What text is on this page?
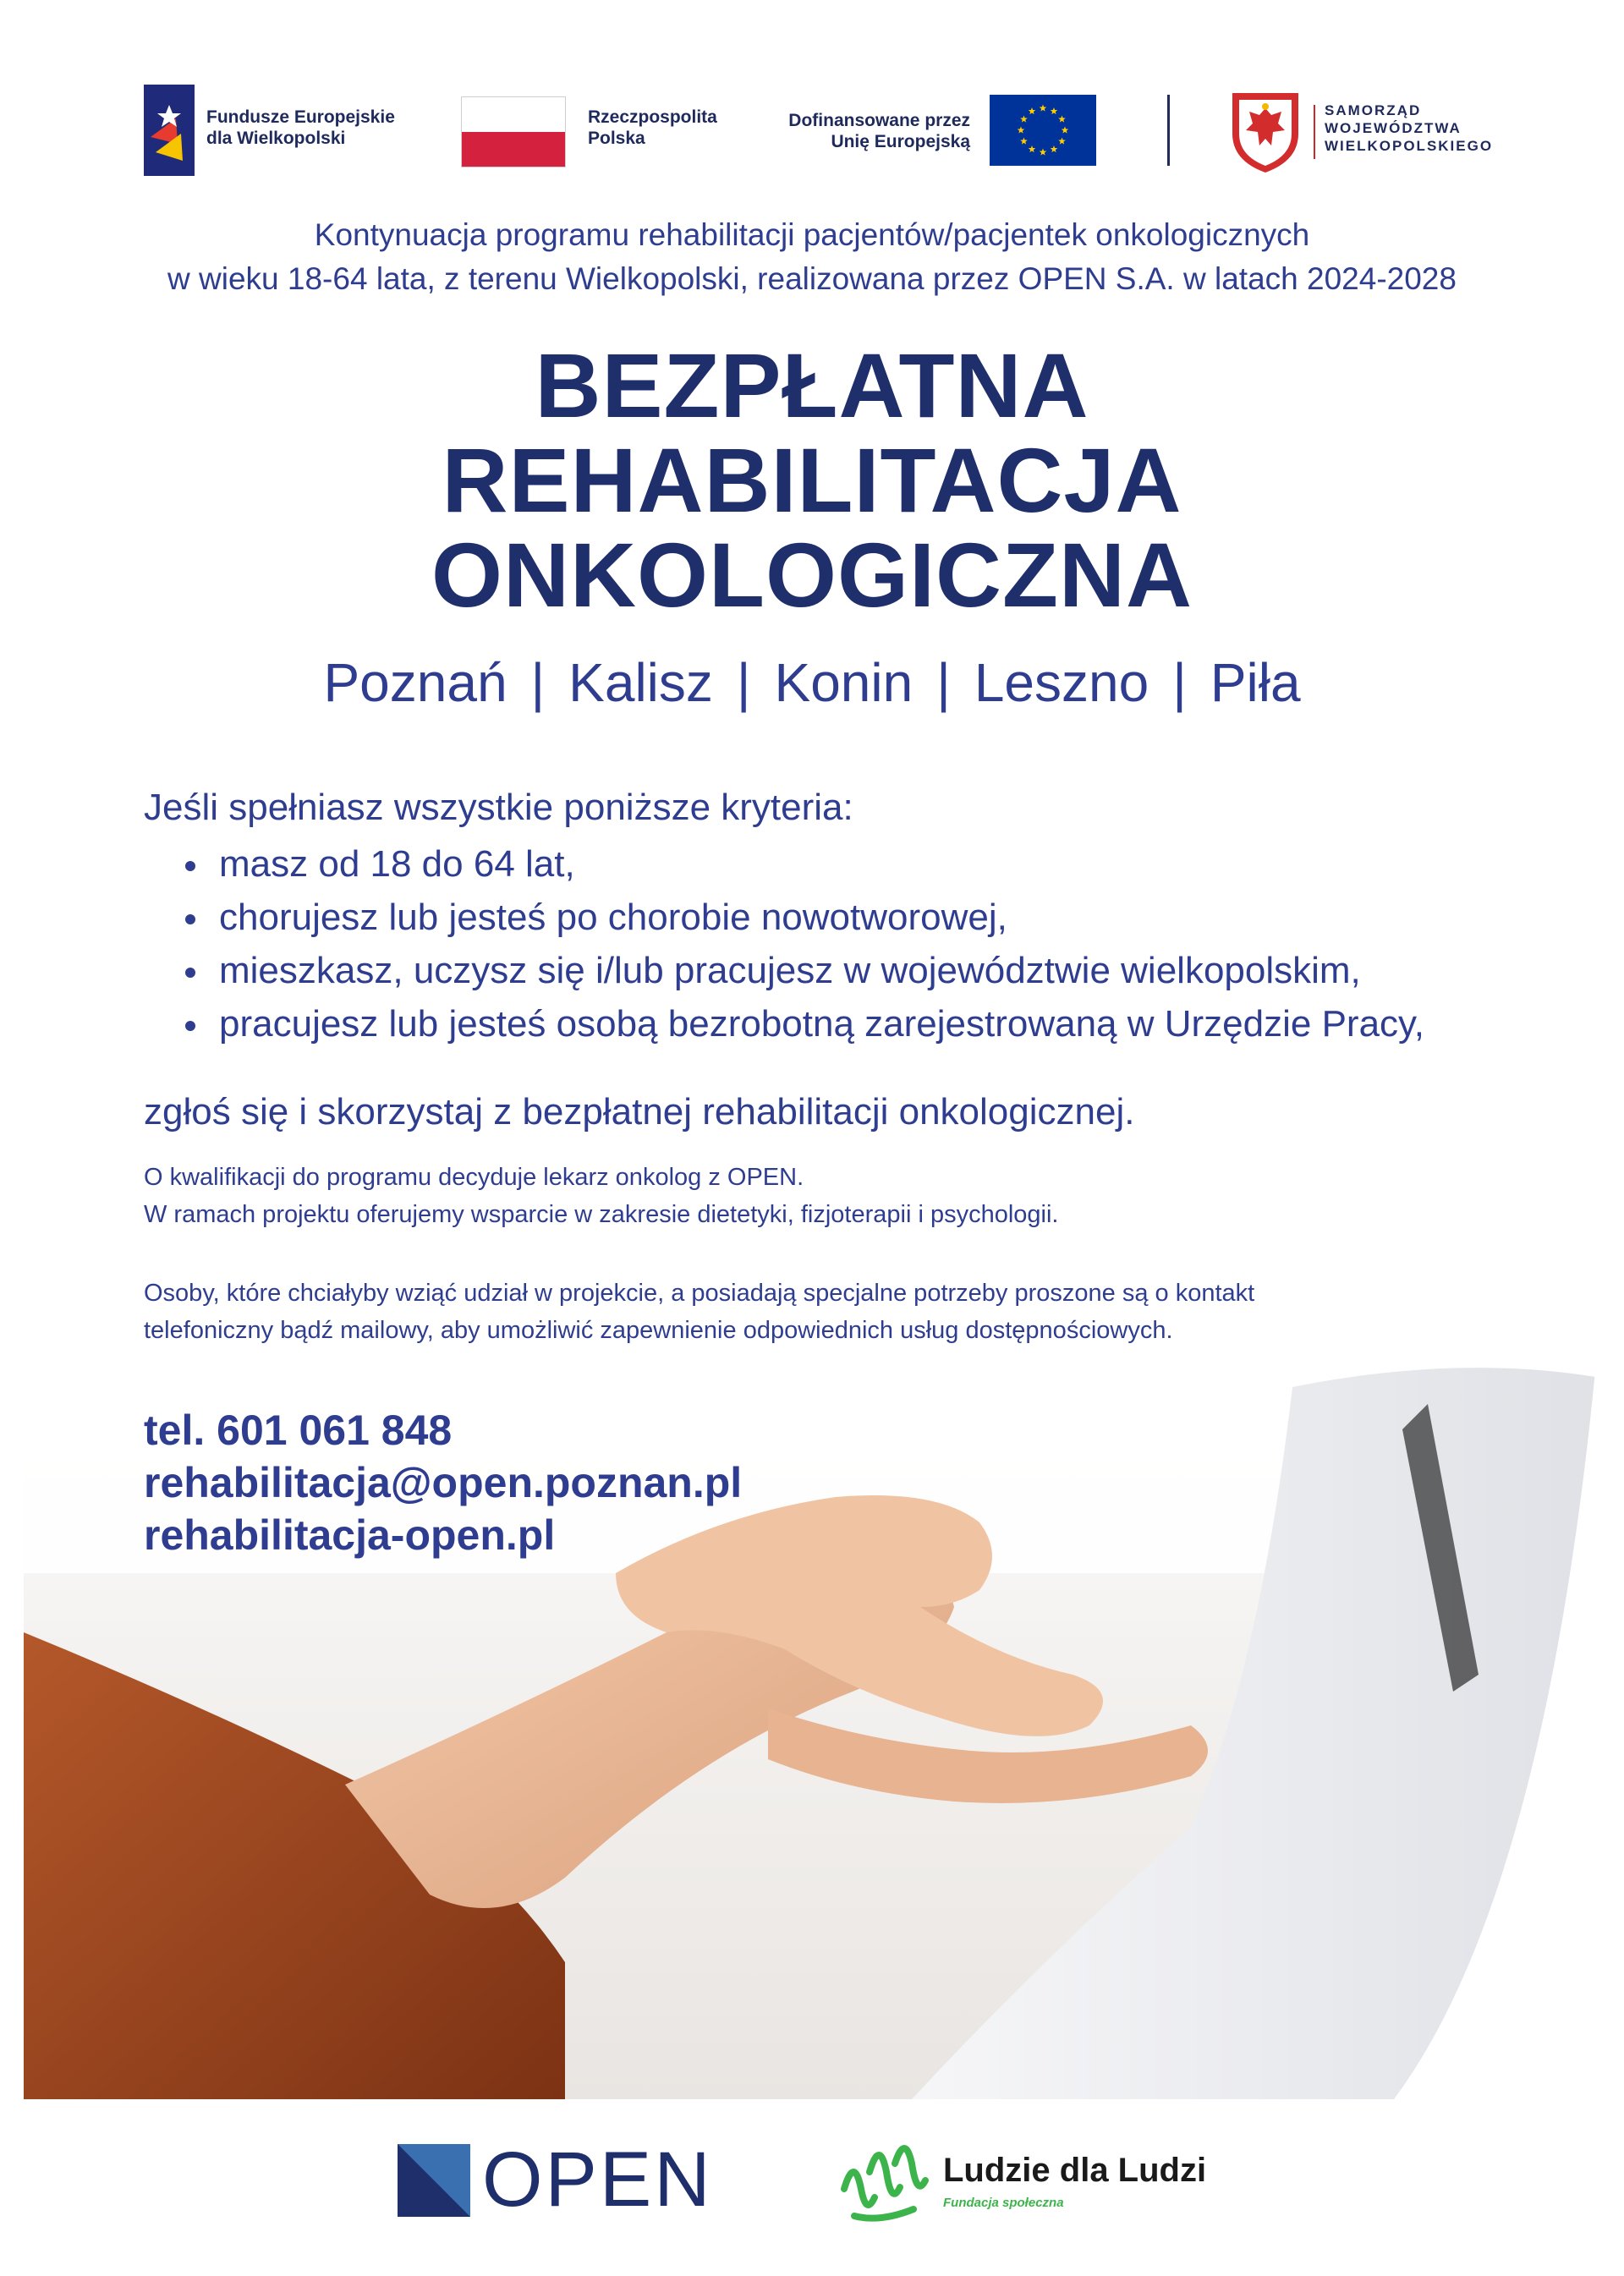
Fundusze Europejskie
dla Wielkopolski
Rzeczpospolita
Polska
Dofinansowane przez
Unię Europejską
SAMORZĄD
WOJEWÓDZTWA
WIELKOPOLSKIEGO
Kontynuacja programu rehabilitacji pacjentów/pacjentek onkologicznych
w wieku 18-64 lata, z terenu Wielkopolski, realizowana przez OPEN S.A. w latach 2024-2028
BEZPŁATNA
REHABILITACJA
ONKOLOGICZNA
Poznań | Kalisz | Konin | Leszno | Piła
Jeśli spełniasz wszystkie poniższe kryteria:
masz od 18 do 64 lat,
chorujesz lub jesteś po chorobie nowotworowej,
mieszkasz, uczysz się i/lub pracujesz w województwie wielkopolskim,
pracujesz lub jesteś osobą bezrobotną zarejestrowaną w Urzędzie Pracy,
zgłoś się i skorzystaj z bezpłatnej rehabilitacji onkologicznej.
O kwalifikacji do programu decyduje lekarz onkolog z OPEN.
W ramach projektu oferujemy wsparcie w zakresie dietetyki, fizjoterapii i psychologii.
Osoby, które chciałyby wziąć udział w projekcie, a posiadają specjalne potrzeby proszone są o kontakt
telefoniczny bądź mailowy, aby umożliwić zapewnienie odpowiednich usług dostępnościowych.
tel. 601 061 848
rehabilitacja@open.poznan.pl
rehabilitacja-open.pl
OPEN	Ludzie dla Ludzi
Fundacja społeczna
